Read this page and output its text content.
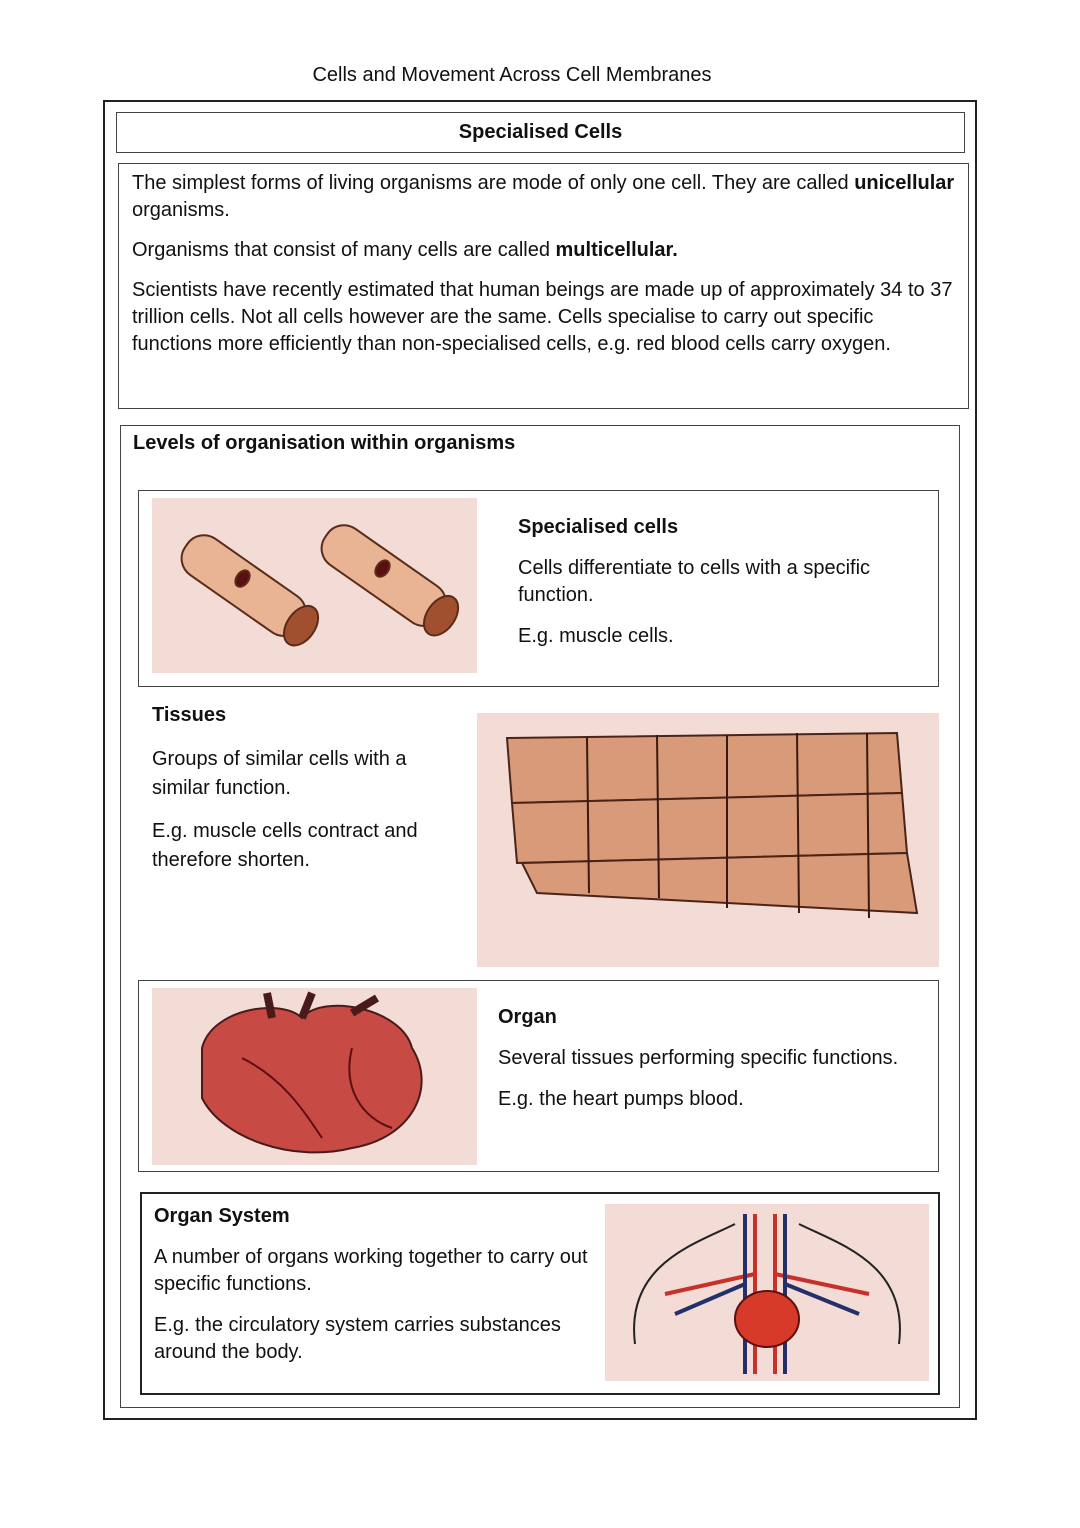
Cells and Movement Across Cell Membranes
Specialised Cells

The simplest forms of living organisms are mode of only one cell. They are called unicellular organisms.

Organisms that consist of many cells are called multicellular.

Scientists have recently estimated that human beings are made up of approximately 34 to 37 trillion cells. Not all cells however are the same. Cells specialise to carry out specific functions more efficiently than non-specialised cells, e.g. red blood cells carry oxygen.

Levels of organisation within organisms

Specialised cells

Cells differentiate to cells with a specific function.

E.g. muscle cells.

Tissues

Groups of similar cells with a similar function.

E.g. muscle cells contract and therefore shorten.

Organ

Several tissues performing specific functions.

E.g. the heart pumps blood.

Organ System

A number of organs working together to carry out specific functions.

E.g. the circulatory system carries substances around the body.
